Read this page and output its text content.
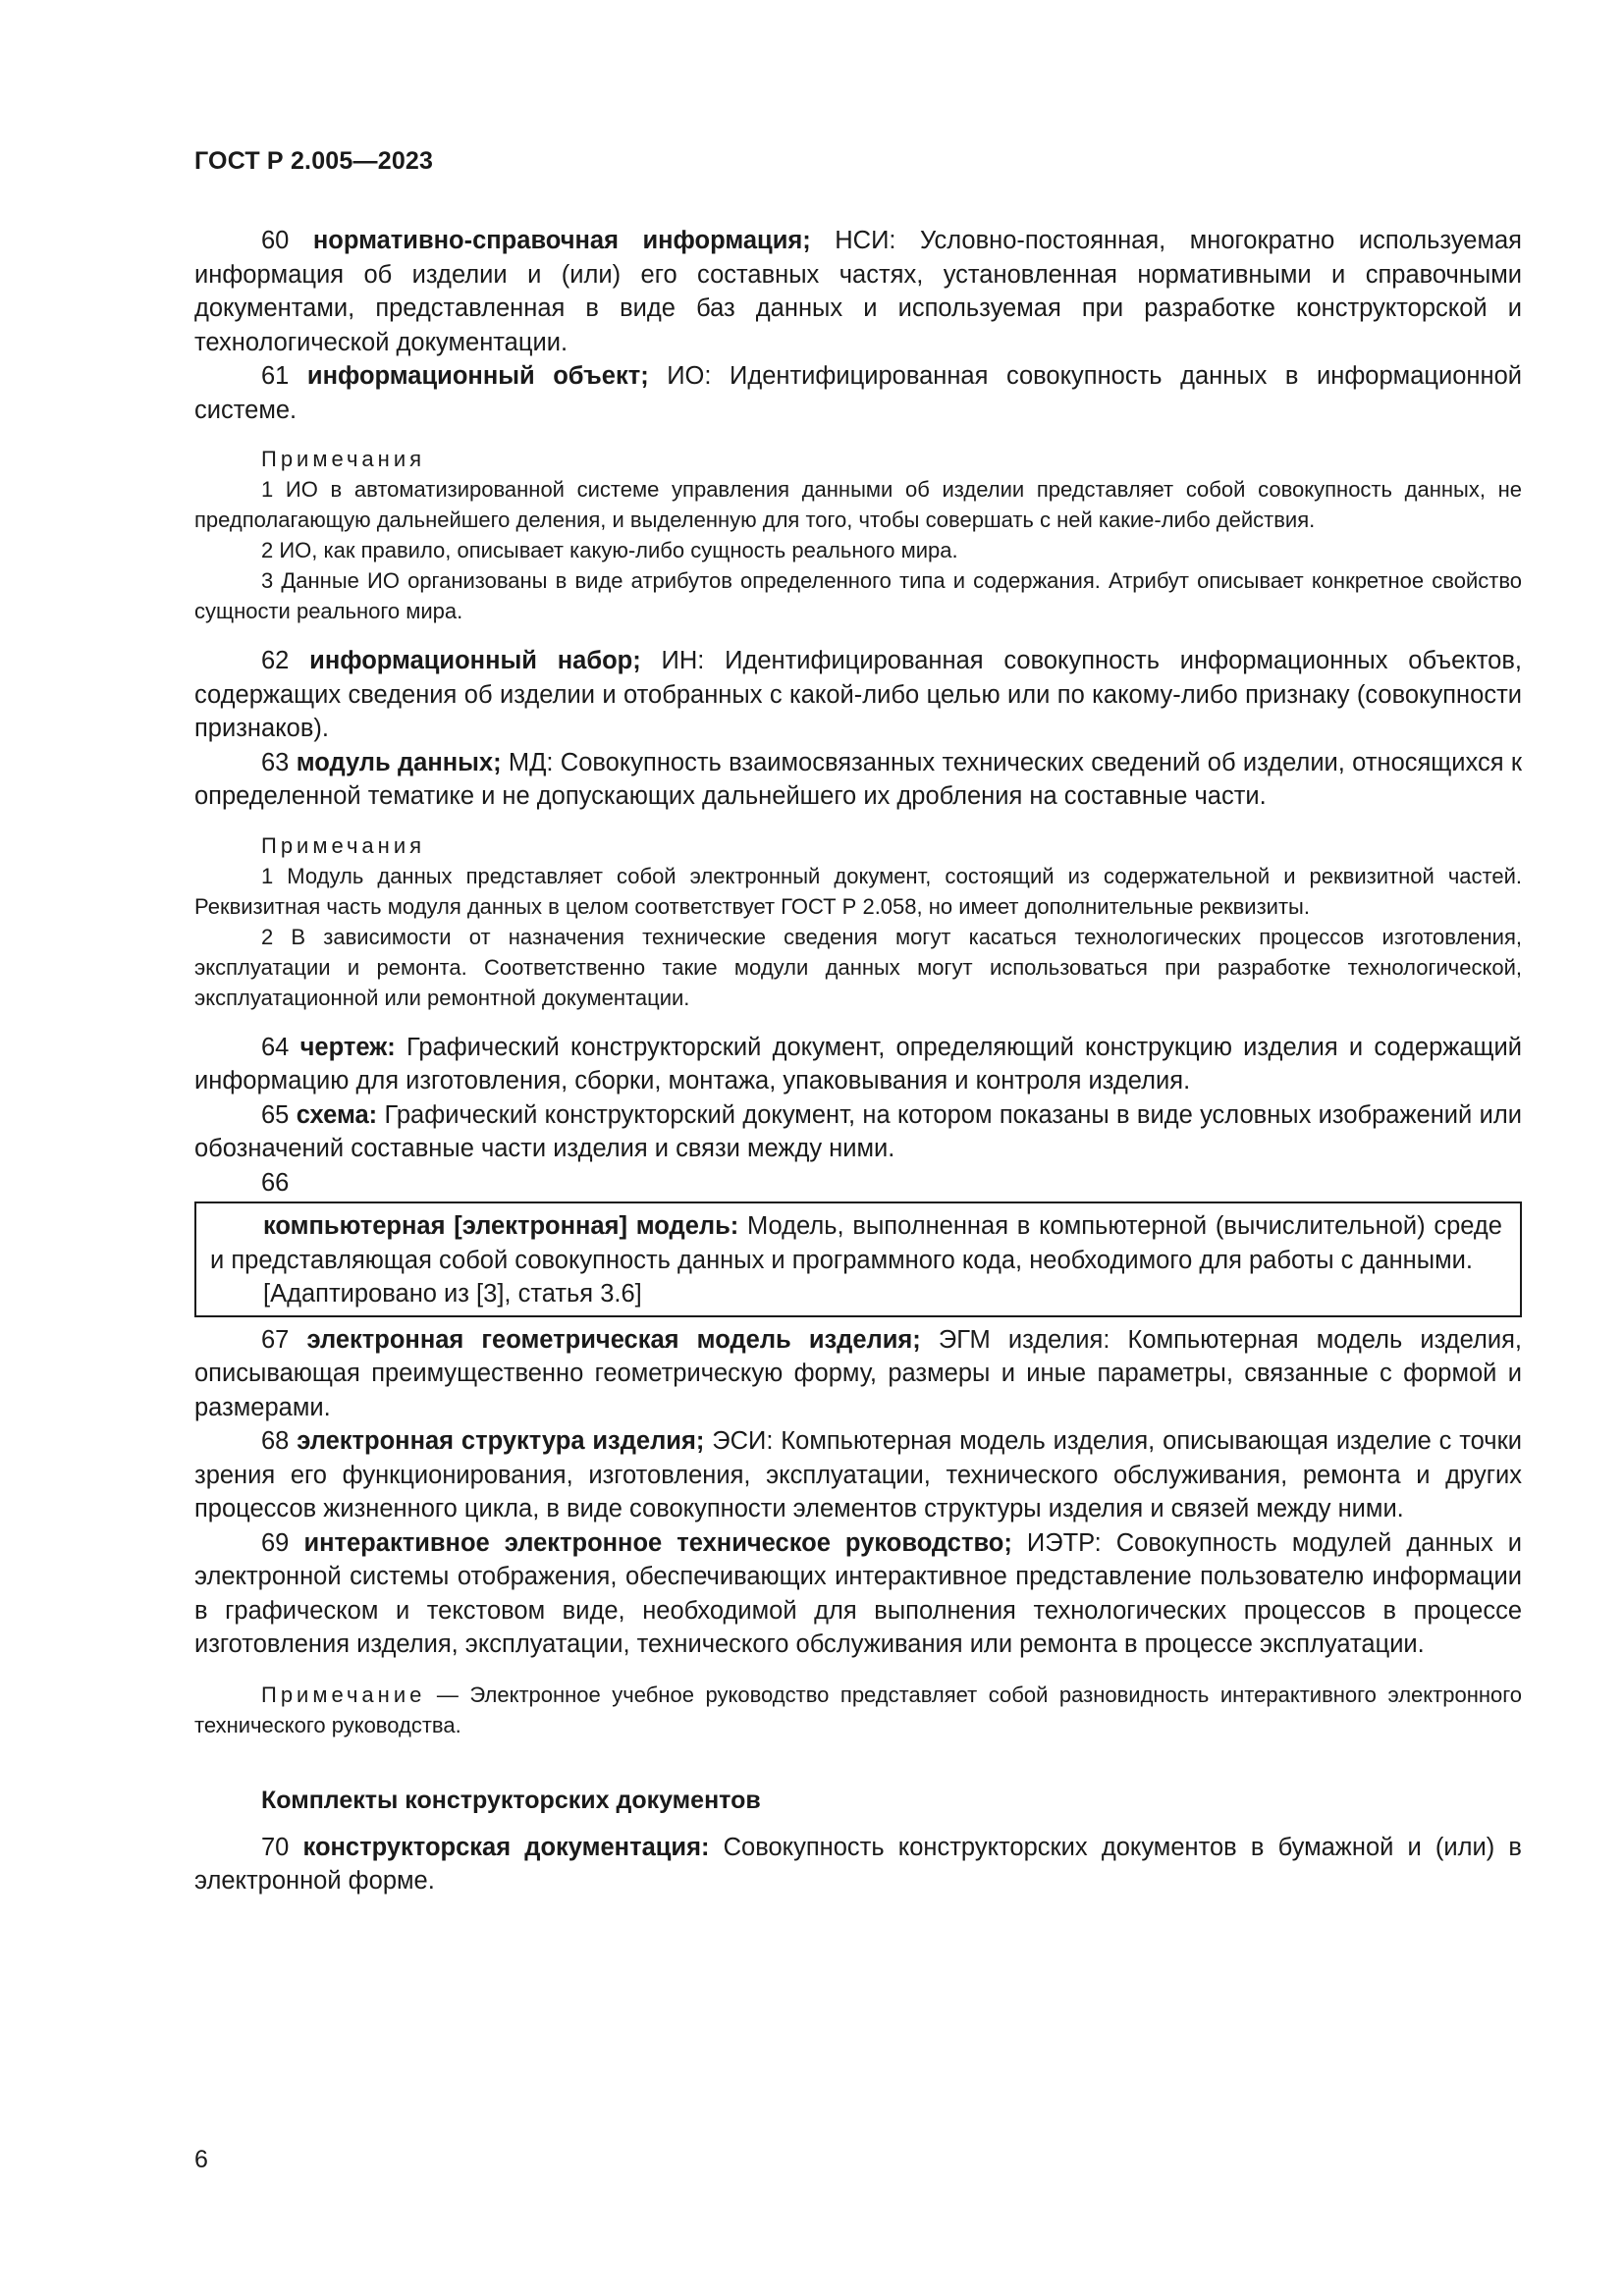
ГОСТ Р 2.005—2023

60 нормативно-справочная информация; НСИ: Условно-постоянная, многократно используемая информация об изделии и (или) его составных частях, установленная нормативными и справочными документами, представленная в виде баз данных и используемая при разработке конструкторской и технологической документации.

61 информационный объект; ИО: Идентифицированная совокупность данных в информационной системе.

Примечания

1 ИО в автоматизированной системе управления данными об изделии представляет собой совокупность данных, не предполагающую дальнейшего деления, и выделенную для того, чтобы совершать с ней какие-либо действия.

2 ИО, как правило, описывает какую-либо сущность реального мира.

3 Данные ИО организованы в виде атрибутов определенного типа и содержания. Атрибут описывает конкретное свойство сущности реального мира.

62 информационный набор; ИН: Идентифицированная совокупность информационных объектов, содержащих сведения об изделии и отобранных с какой-либо целью или по какому-либо признаку (совокупности признаков).

63 модуль данных; МД: Совокупность взаимосвязанных технических сведений об изделии, относящихся к определенной тематике и не допускающих дальнейшего их дробления на составные части.

Примечания

1 Модуль данных представляет собой электронный документ, состоящий из содержательной и реквизитной частей. Реквизитная часть модуля данных в целом соответствует ГОСТ Р 2.058, но имеет дополнительные реквизиты.

2 В зависимости от назначения технические сведения могут касаться технологических процессов изготовления, эксплуатации и ремонта. Соответственно такие модули данных могут использоваться при разработке технологической, эксплуатационной или ремонтной документации.

64 чертеж: Графический конструкторский документ, определяющий конструкцию изделия и содержащий информацию для изготовления, сборки, монтажа, упаковывания и контроля изделия.

65 схема: Графический конструкторский документ, на котором показаны в виде условных изображений или обозначений составные части изделия и связи между ними.

66

компьютерная [электронная] модель: Модель, выполненная в компьютерной (вычислительной) среде и представляющая собой совокупность данных и программного кода, необходимого для работы с данными.

[Адаптировано из [3], статья 3.6]

67 электронная геометрическая модель изделия; ЭГМ изделия: Компьютерная модель изделия, описывающая преимущественно геометрическую форму, размеры и иные параметры, связанные с формой и размерами.

68 электронная структура изделия; ЭСИ: Компьютерная модель изделия, описывающая изделие с точки зрения его функционирования, изготовления, эксплуатации, технического обслуживания, ремонта и других процессов жизненного цикла, в виде совокупности элементов структуры изделия и связей между ними.

69 интерактивное электронное техническое руководство; ИЭТР: Совокупность модулей данных и электронной системы отображения, обеспечивающих интерактивное представление пользователю информации в графическом и текстовом виде, необходимой для выполнения технологических процессов в процессе изготовления изделия, эксплуатации, технического обслуживания или ремонта в процессе эксплуатации.

Примечание — Электронное учебное руководство представляет собой разновидность интерактивного электронного технического руководства.

Комплекты конструкторских документов

70 конструкторская документация: Совокупность конструкторских документов в бумажной и (или) в электронной форме.

6
